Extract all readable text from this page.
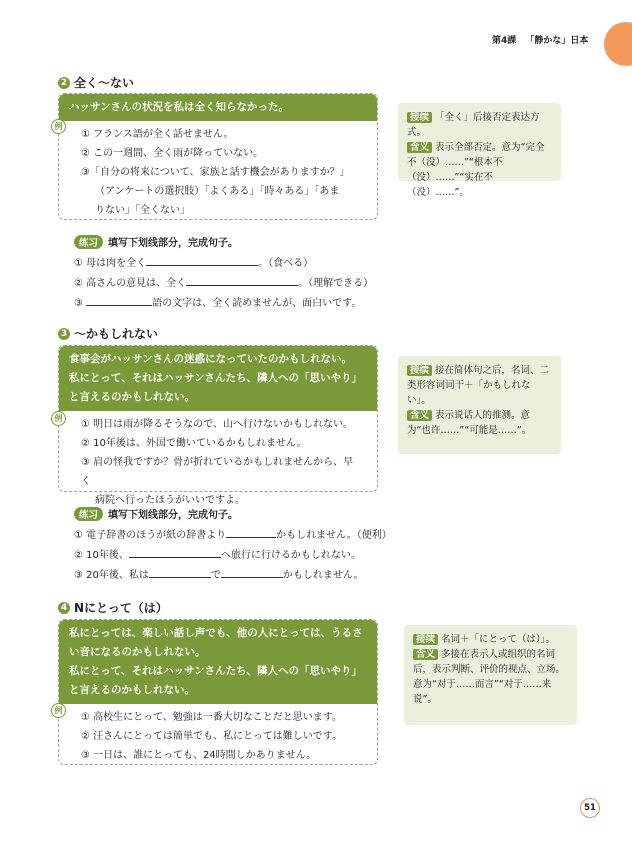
第4課 「静かな」日本
2 全く～ない
ハッサンさんの状況を私は全く知らなかった。
① フランス語が全く話せません。
② この一週間、全く雨が降っていない。
③「自分の将来について、家族と話す機会がありますか？」
（アンケートの選択肢）「よくある」「時々ある」「あま
りない」「全くない」
例
接续 「全く」后接否定表达方式。
含义 表示全部否定。意为“完全不（没）……”“根本不（没）……”“实在不（没）……”。
练习	填写下划线部分，完成句子。
① 母は肉を全く	。（食べる）
② 高さんの意見は、全く	。（理解できる）
③	語の文字は、全く読めませんが、面白いです。
3 ～かもしれない
食事会がハッサンさんの迷惑になっていたのかもしれない。
私にとって、それはハッサンさんたち、隣人への「思いやり」
と言えるのかもしれない。
① 明日は雨が降るそうなので、山へ行けないかもしれない。
② 10年後は、外国で働いているかもしれません。
③ 肩の怪我ですか？骨が折れているかもしれませんから、早く
病院へ行ったほうがいいですよ。
例
接续 接在简体句之后，名词、二类形容词词干＋「かもしれない」。
含义 表示说话人的推测。意为“也许……”“可能是……”。
练习	填写下划线部分，完成句子。
① 電子辞書のほうが紙の辞書より	かもしれません。（便利）
② 10年後、	へ旅行に行けるかもしれない。
③ 20年後、私は	で	かもしれません。
4 Nにとって（は）
私にとっては、楽しい話し声でも、他の人にとっては、うるさ
い音になるのかもしれない。
私にとって、それはハッサンさんたち、隣人への「思いやり」
と言えるのかもしれない。
① 高校生にとって、勉強は一番大切なことだと思います。
② 汪さんにとっては簡単でも、私にとっては難しいです。
③ 一日は、誰にとっても、24時間しかありません。
例
接续 名词＋「にとって（は）」。
含义 多接在表示人或组织的名词后，表示判断、评价的视点、立场。意为“对于……而言”“对于……来说”。
51
